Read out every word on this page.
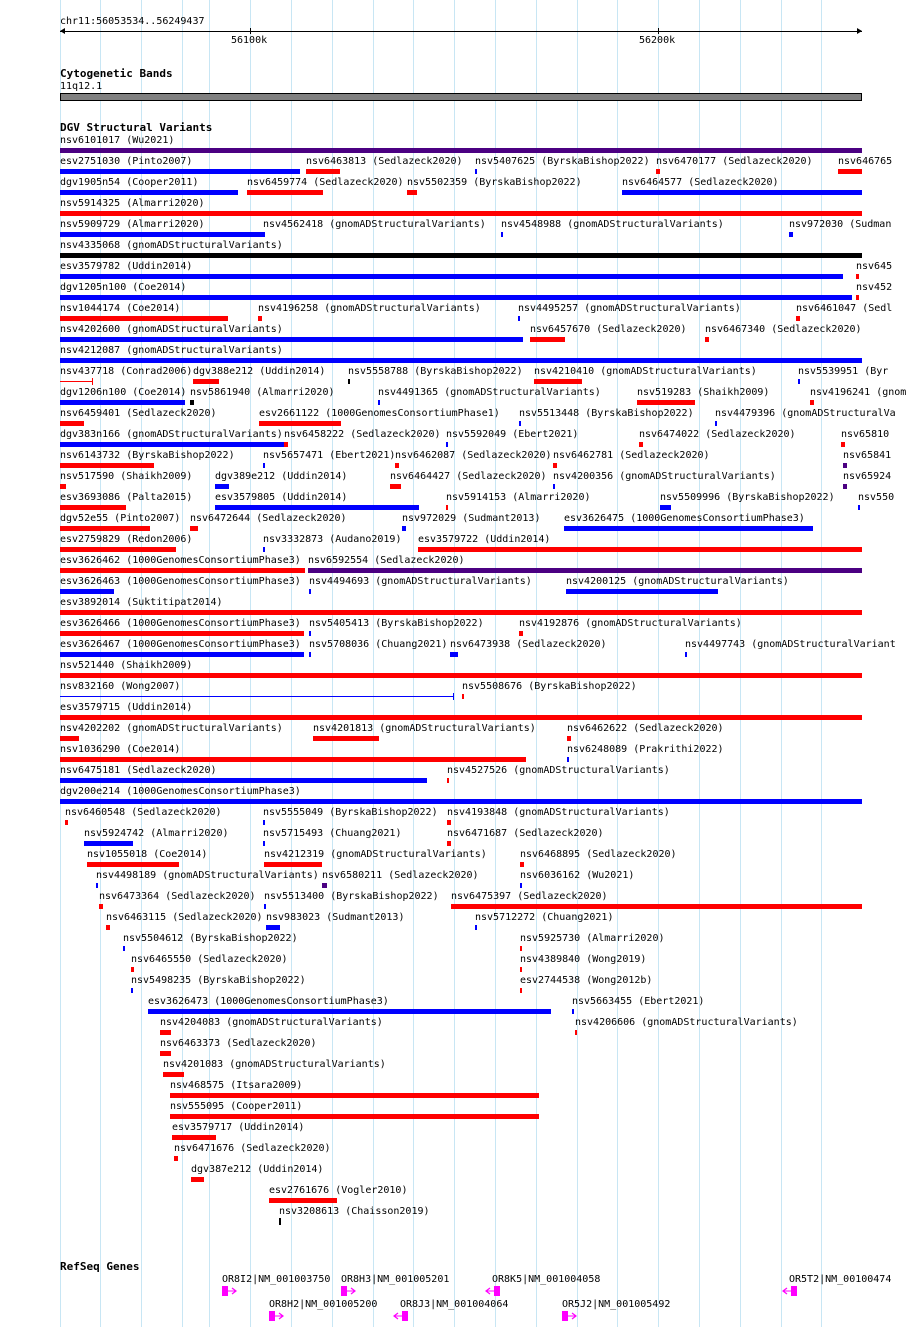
chr11:56053534..56249437
56100k	56200k
Cytogenetic Bands
11q12.1
DGV Structural Variants
nsv6101017 (Wu2021)
esv2751030 (Pinto2007)	nsv6463813 (Sedlazeck2020) nsv5407625 (ByrskaBishop2022) nsv6470177 (Sedlazeck2020)	nsv646765
dgv1905n54 (Cooper2011)	nsv6459774 (Sedlazeck2020) nsv5502359 (ByrskaBishop2022)	nsv6464577 (Sedlazeck2020)
nsv5914325 (Almarri2020)
nsv5909729 (Almarri2020)	nsv4562418 (gnomADStructuralVariants) nsv4548988 (gnomADStructuralVariants)	nsv972030 (Sudman
nsv4335068 (gnomADStructuralVariants)
esv3579782 (Uddin2014)	nsv645
dgv1205n100 (Coe2014)	nsv452
nsv1044174 (Coe2014)	nsv4196258 (gnomADStructuralVariants)	nsv4495257 (gnomADStructuralVariants)	nsv6461047 (Sedl
nsv4202600 (gnomADStructuralVariants)	nsv6457670 (Sedlazeck2020) nsv6467340 (Sedlazeck2020)
nsv4212087 (gnomADStructuralVariants)
nsv437718 (Conrad2006) dgv388e212 (Uddin2014) nsv5558788 (ByrskaBishop2022) nsv4210410 (gnomADStructuralVariants)	nsv5539951 (Byr
dgv1206n100 (Coe2014) nsv5861940 (Almarri2020)	nsv4491365 (gnomADStructuralVariants)	nsv519283 (Shaikh2009)	nsv4196241 (gnom
nsv6459401 (Sedlazeck2020)	esv2661122 (1000GenomesConsortiumPhase1) nsv5513448 (ByrskaBishop2022) nsv4479396 (gnomADStructuralVa
dgv383n166 (gnomADStructuralVariants) nsv6458222 (Sedlazeck2020) nsv5592049 (Ebert2021)	nsv6474022 (Sedlazeck2020)	nsv65810
nsv6143732 (ByrskaBishop2022)	nsv5657471 (Ebert2021) nsv6462087 (Sedlazeck2020) nsv6462781 (Sedlazeck2020)	nsv65841
nsv517590 (Shaikh2009) dgv389e212 (Uddin2014)	nsv6464427 (Sedlazeck2020) nsv4200356 (gnomADStructuralVariants)	nsv65924
esv3693086 (Palta2015) esv3579805 (Uddin2014)	nsv5914153 (Almarri2020)	nsv5509996 (ByrskaBishop2022) nsv550
dgv52e55 (Pinto2007) nsv6472644 (Sedlazeck2020)	nsv972029 (Sudmant2013) esv3626475 (1000GenomesConsortiumPhase3)
esv2759829 (Redon2006)	nsv3332873 (Audano2019) esv3579722 (Uddin2014)
esv3626462 (1000GenomesConsortiumPhase3) nsv6592554 (Sedlazeck2020)
esv3626463 (1000GenomesConsortiumPhase3) nsv4494693 (gnomADStructuralVariants)	nsv4200125 (gnomADStructuralVariants)
esv3892014 (Suktitipat2014)
esv3626466 (1000GenomesConsortiumPhase3) nsv5405413 (ByrskaBishop2022)	nsv4192876 (gnomADStructuralVariants)
esv3626467 (1000GenomesConsortiumPhase3) nsv5708036 (Chuang2021) nsv6473938 (Sedlazeck2020)	nsv4497743 (gnomADStructuralVariant
nsv521440 (Shaikh2009)
nsv832160 (Wong2007)	nsv5508676 (ByrskaBishop2022)
esv3579715 (Uddin2014)
nsv4202202 (gnomADStructuralVariants)	nsv4201813 (gnomADStructuralVariants)	nsv6462622 (Sedlazeck2020)
nsv1036290 (Coe2014)	nsv6248089 (Prakrithi2022)
nsv6475181 (Sedlazeck2020)	nsv4527526 (gnomADStructuralVariants)
dgv200e214 (1000GenomesConsortiumPhase3)
nsv6460548 (Sedlazeck2020)	nsv5555049 (ByrskaBishop2022) nsv4193848 (gnomADStructuralVariants)
nsv5924742 (Almarri2020)	nsv5715493 (Chuang2021)	nsv6471687 (Sedlazeck2020)
nsv1055018 (Coe2014)	nsv4212319 (gnomADStructuralVariants)	nsv6468895 (Sedlazeck2020)
nsv4498189 (gnomADStructuralVariants) nsv6580211 (Sedlazeck2020)	nsv6036162 (Wu2021)
nsv6473364 (Sedlazeck2020) nsv5513400 (ByrskaBishop2022) nsv6475397 (Sedlazeck2020)
nsv6463115 (Sedlazeck2020) nsv983023 (Sudmant2013)	nsv5712272 (Chuang2021)
nsv5504612 (ByrskaBishop2022)	nsv5925730 (Almarri2020)
nsv6465550 (Sedlazeck2020)	nsv4389840 (Wong2019)
nsv5498235 (ByrskaBishop2022)	esv2744538 (Wong2012b)
esv3626473 (1000GenomesConsortiumPhase3)	nsv5663455 (Ebert2021)
nsv4204083 (gnomADStructuralVariants)	nsv4206606 (gnomADStructuralVariants)
nsv6463373 (Sedlazeck2020)
nsv4201083 (gnomADStructuralVariants)
nsv468575 (Itsara2009)
nsv555095 (Cooper2011)
esv3579717 (Uddin2014)
nsv6471676 (Sedlazeck2020)
dgv387e212 (Uddin2014)
esv2761676 (Vogler2010)
nsv3208613 (Chaisson2019)
RefSeq Genes
OR8I2|NM_001003750 OR8H3|NM_001005201	OR8K5|NM_001004058	OR5T2|NM_00100474
OR8H2|NM_001005200 OR8J3|NM_001004064	OR5J2|NM_001005492
